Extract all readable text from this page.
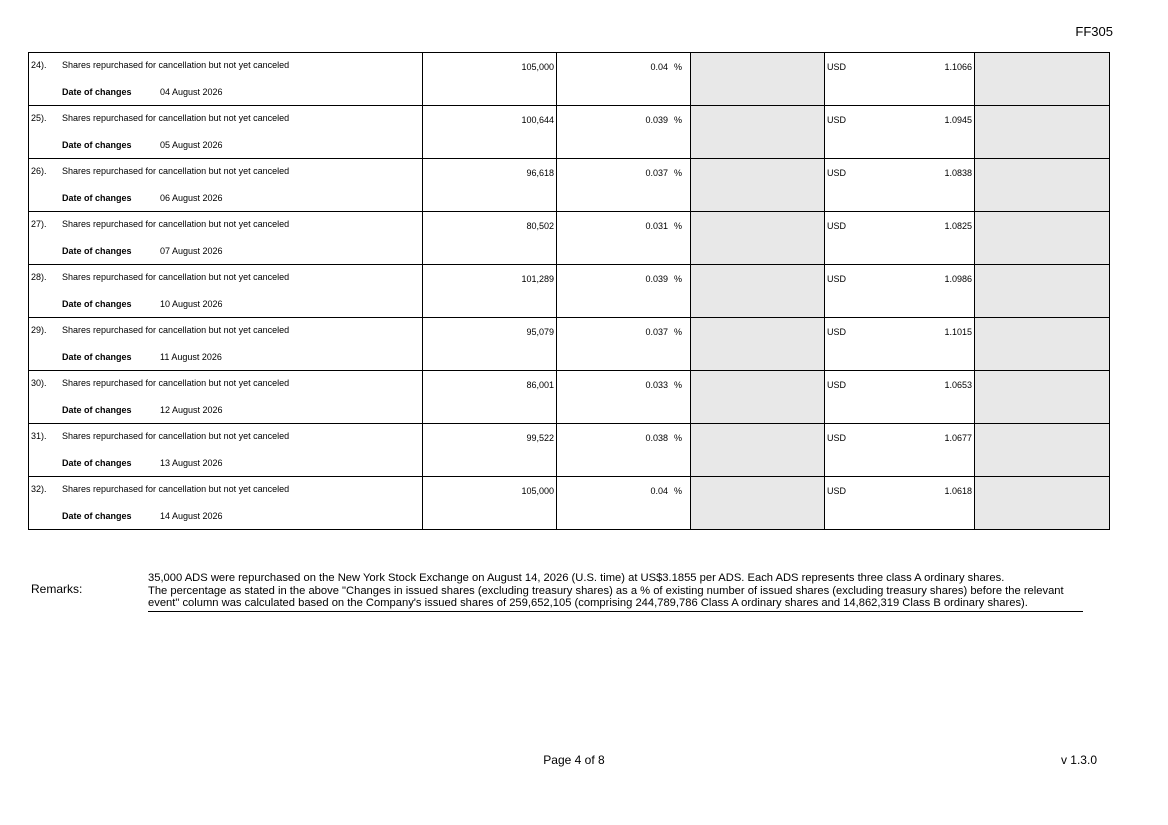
FF305
24). Shares repurchased for cancellation but not yet canceled
Date of changes 04 August 2026	105,000	0.04 %		USD 1.1066	

25). Shares repurchased for cancellation but not yet canceled
Date of changes 05 August 2026	100,644	0.039 %		USD 1.0945	

26). Shares repurchased for cancellation but not yet canceled
Date of changes 06 August 2026	96,618	0.037 %		USD 1.0838	

27). Shares repurchased for cancellation but not yet canceled
Date of changes 07 August 2026	80,502	0.031 %		USD 1.0825	

28). Shares repurchased for cancellation but not yet canceled
Date of changes 10 August 2026	101,289	0.039 %		USD 1.0986	

29). Shares repurchased for cancellation but not yet canceled
Date of changes 11 August 2026	95,079	0.037 %		USD 1.1015	

30). Shares repurchased for cancellation but not yet canceled
Date of changes 12 August 2026	86,001	0.033 %		USD 1.0653	

31). Shares repurchased for cancellation but not yet canceled
Date of changes 13 August 2026	99,522	0.038 %		USD 1.0677	

32). Shares repurchased for cancellation but not yet canceled
Date of changes 14 August 2026	105,000	0.04 %		USD 1.0618	

Remarks:

35,000 ADS were repurchased on the New York Stock Exchange on August 14, 2026 (U.S. time) at US$3.1855 per ADS. Each ADS represents three class A ordinary shares.

The percentage as stated in the above "Changes in issued shares (excluding treasury shares) as a % of existing number of issued shares (excluding treasury shares) before the relevant event" column was calculated based on the Company's issued shares of 259,652,105 (comprising 244,789,786 Class A ordinary shares and 14,862,319 Class B ordinary shares).

Page 4 of 8	v 1.3.0
